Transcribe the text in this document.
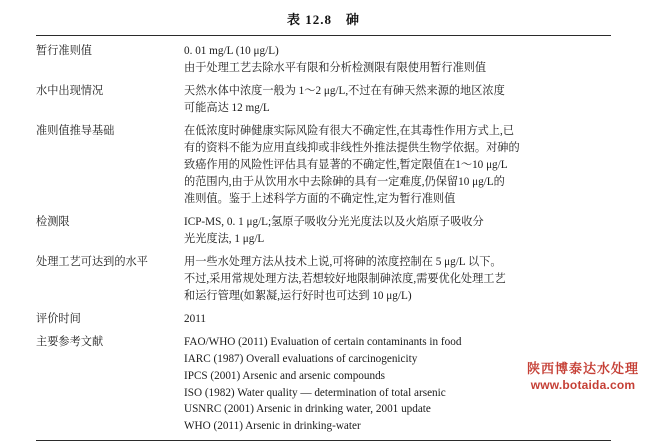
表 12.8 砷
暂行准则值	0. 01 mg/L (10 μg/L)
由于处理工艺去除水平有限和分析检测限有限使用暂行准则值

水中出现情况	天然水体中浓度一般为 1～2 μg/L,不过在有砷天然来源的地区浓度
可能高达 12 mg/L

准则值推导基础	在低浓度时砷健康实际风险有很大不确定性,在其毒性作用方式上,已
有的资料不能为应用直线抑或非线性外推法提供生物学依据。对砷的
致癌作用的风险性评估具有显著的不确定性,暂定限值在1～10 μg/L
的范围内,由于从饮用水中去除砷的具有一定难度,仍保留10 μg/L的
准则值。鉴于上述科学方面的不确定性,定为暂行准则值

检测限	ICP‐MS, 0. 1 μg/L;氢原子吸收分光光度法以及火焰原子吸收分
光光度法, 1 μg/L

处理工艺可达到的水平	用一些水处理方法从技术上说,可将砷的浓度控制在 5 μg/L 以下。
不过,采用常规处理方法,若想较好地限制砷浓度,需要优化处理工艺
和运行管理(如絮凝,运行好时也可达到 10 μg/L)

评价时间	2011

主要参考文献	FAO/WHO (2011) Evaluation of certain contaminants in food
IARC (1987) Overall evaluations of carcinogenicity
IPCS (2001) Arsenic and arsenic compounds
ISO (1982) Water quality — determination of total arsenic
USNRC (2001) Arsenic in drinking water, 2001 update
WHO (2011) Arsenic in drinking‐water
陕西博泰达水处理
www.botaida.com
